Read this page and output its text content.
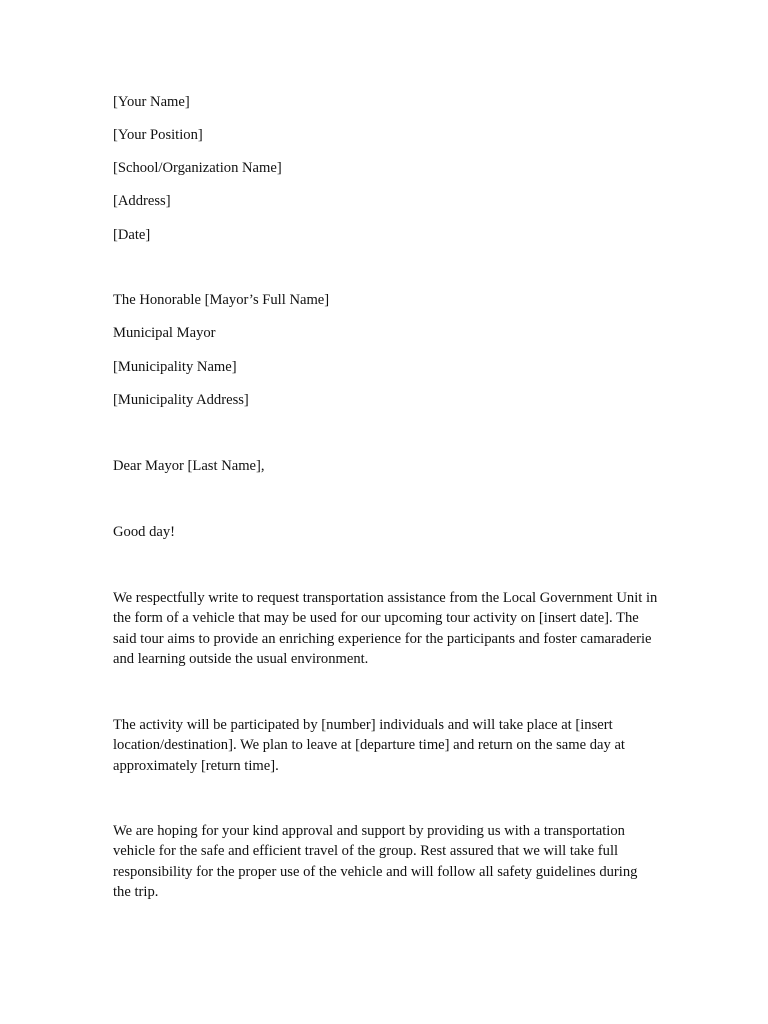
[Your Name]
[Your Position]
[School/Organization Name]
[Address]
[Date]
The Honorable [Mayor’s Full Name]
Municipal Mayor
[Municipality Name]
[Municipality Address]
Dear Mayor [Last Name],
Good day!
We respectfully write to request transportation assistance from the Local Government Unit in the form of a vehicle that may be used for our upcoming tour activity on [insert date]. The said tour aims to provide an enriching experience for the participants and foster camaraderie and learning outside the usual environment.
The activity will be participated by [number] individuals and will take place at [insert location/destination]. We plan to leave at [departure time] and return on the same day at approximately [return time].
We are hoping for your kind approval and support by providing us with a transportation vehicle for the safe and efficient travel of the group. Rest assured that we will take full responsibility for the proper use of the vehicle and will follow all safety guidelines during the trip.
